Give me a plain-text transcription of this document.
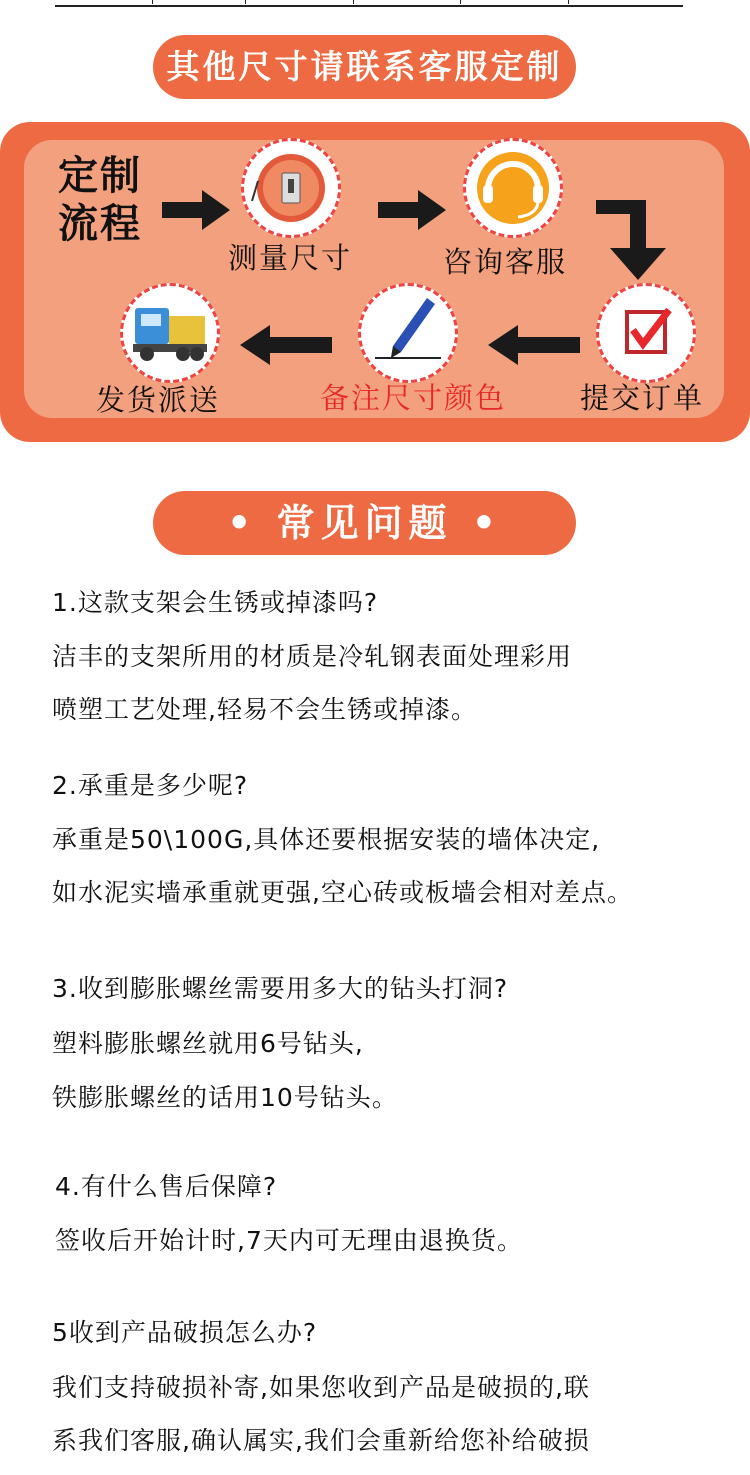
其他尺寸请联系客服定制
定制
流程
测量尺寸	咨询客服
提交订单
备注尺寸颜色
发货派送
• 常见问题 •
1.这款支架会生锈或掉漆吗?
洁丰的支架所用的材质是冷轧钢表面处理彩用
喷塑工艺处理,轻易不会生锈或掉漆。
2.承重是多少呢?
承重是50\100G,具体还要根据安装的墙体决定,
如水泥实墙承重就更强,空心砖或板墙会相对差点。
3.收到膨胀螺丝需要用多大的钻头打洞?
塑料膨胀螺丝就用6号钻头,
铁膨胀螺丝的话用10号钻头。
4.有什么售后保障?
签收后开始计时,7天内可无理由退换货。
5收到产品破损怎么办?
我们支持破损补寄,如果您收到产品是破损的,联
系我们客服,确认属实,我们会重新给您补给破损
